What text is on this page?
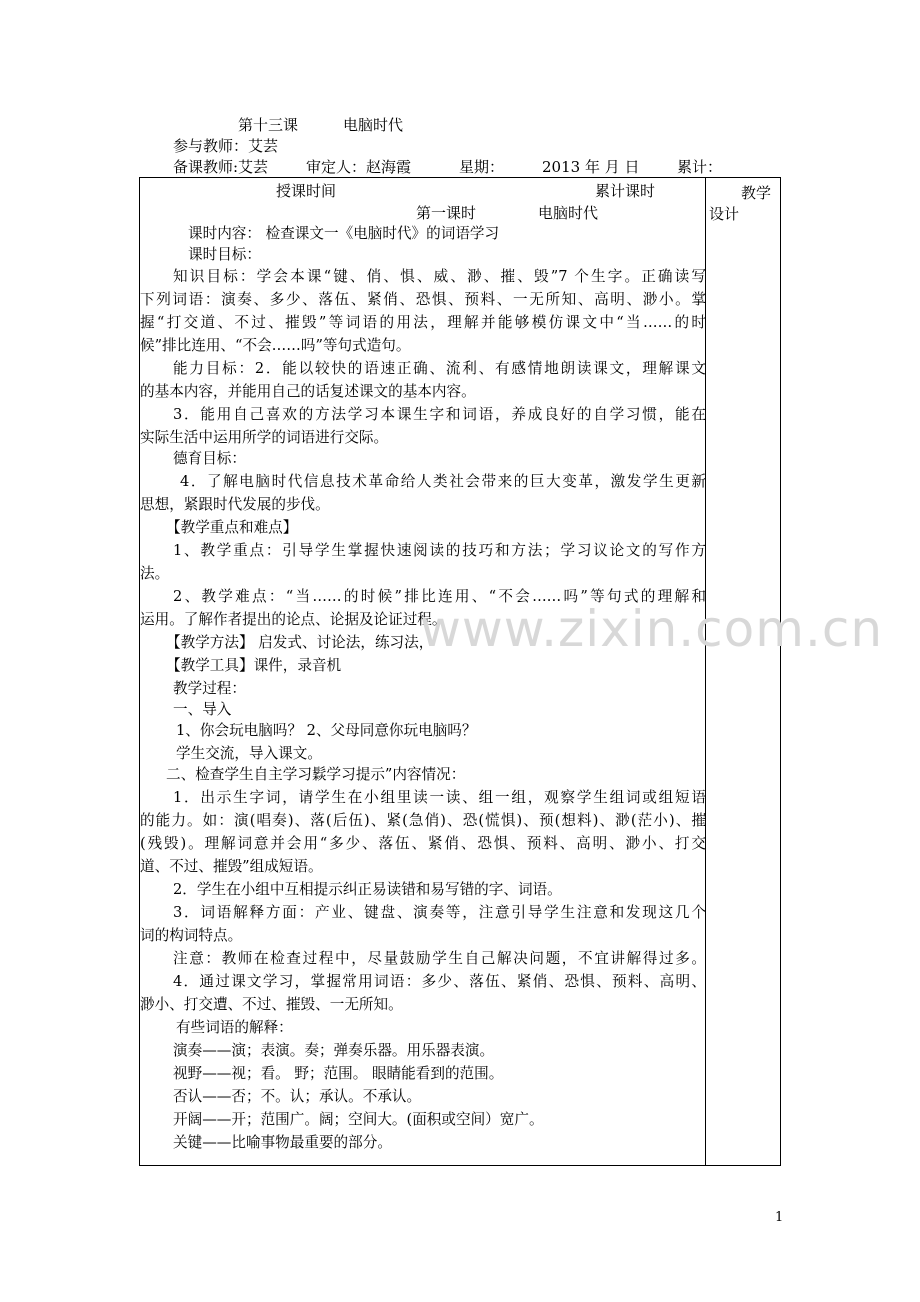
第十三课	电脑时代
参与教师：艾芸
备课教师:艾芸	审定人：赵海霞	星期：	2013 年 月 日	累计：
授课时间	累计课时	教学
设计
第一课时	电脑时代
课时内容： 检查课文一《电脑时代》的词语学习
课时目标：
知识目标：学会本课“键、俏、惧、威、渺、摧、毁”7 个生字。正确读写
下列词语：演奏、多少、落伍、紧俏、恐惧、预料、一无所知、高明、渺小。掌
握“打交道、不过、摧毁”等词语的用法，理解并能够模仿课文中“当……的时
候”排比连用、“不会……吗”等句式造句。
能力目标：2．能以较快的语速正确、流利、有感情地朗读课文，理解课文
的基本内容，并能用自己的话复述课文的基本内容。
3．能用自己喜欢的方法学习本课生字和词语，养成良好的自学习惯，能在
实际生活中运用所学的词语进行交际。
德育目标：
4．了解电脑时代信息技术革命给人类社会带来的巨大变革，激发学生更新
思想，紧跟时代发展的步伐。
【教学重点和难点】
1、教学重点：引导学生掌握快速阅读的技巧和方法；学习议论文的写作方
法。
2、教学难点：“当……的时候”排比连用、“不会……吗”等句式的理解和
运用。了解作者提出的论点、论据及论证过程。
【教学方法】 启发式、讨论法，练习法，
【教学工具】课件，录音机
教学过程：
一、导入
1、你会玩电脑吗？ 2、父母同意你玩电脑吗？
学生交流，导入课文。
二、检查学生自主学习鬏学习提示”内容情况：
1．出示生字词，请学生在小组里读一读、组一组，观察学生组词或组短语
的能力。如：演(唱奏)、落(后伍)、紧(急俏)、恐(慌惧)、预(想料)、渺(茫小)、摧
(残毁)。理解词意并会用“多少、落伍、紧俏、恐惧、预料、高明、渺小、打交
道、不过、摧毁”组成短语。
2．学生在小组中互相提示纠正易读错和易写错的字、词语。
3．词语解释方面：产业、键盘、演奏等，注意引导学生注意和发现这几个
词的构词特点。
注意：教师在检查过程中，尽量鼓励学生自己解决问题，不宜讲解得过多。
4．通过课文学习，掌握常用词语：多少、落伍、紧俏、恐惧、预料、高明、
渺小、打交遭、不过、摧毁、一无所知。
有些词语的解释：
演奏——演；表演。奏；弹奏乐器。用乐器表演。
视野——视；看。 野；范围。 眼睛能看到的范围。
否认——否；不。认；承认。不承认。
开阔——开；范围广。阔；空间大。(面积或空间）宽广。
关键——比喻事物最重要的部分。
www.zixin.com.cn
1
